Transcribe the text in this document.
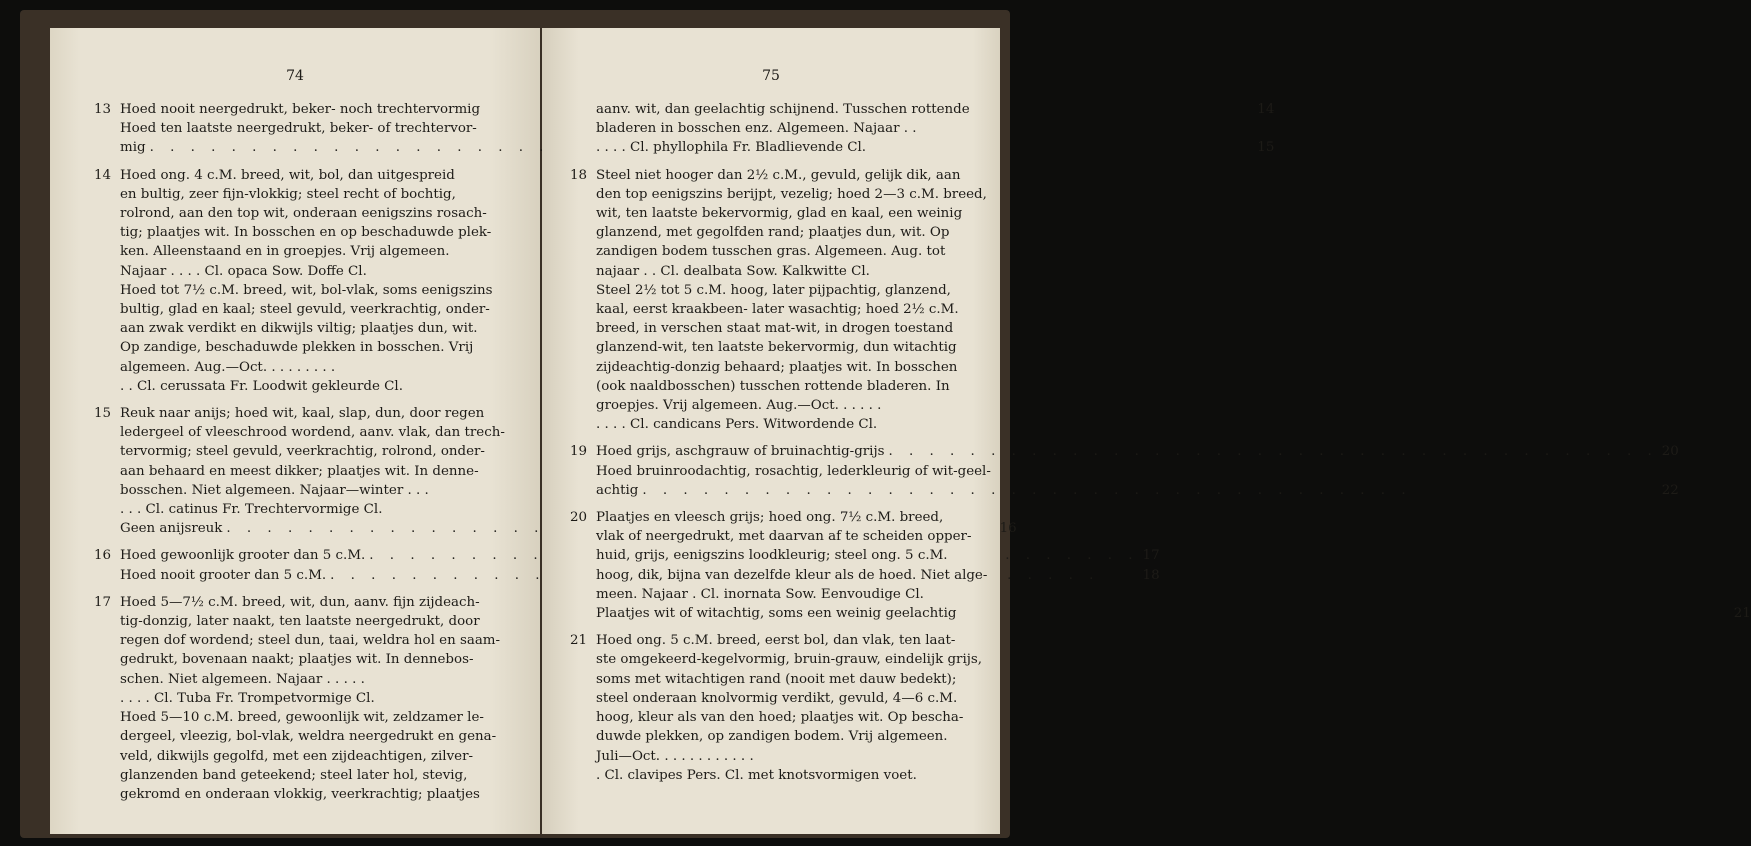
74
13 Hoed nooit neergedrukt, beker- noch trechtervormig	14
Hoed ten laatste neergedrukt, beker- of trechtervor-
mig . . .	15
14 Hoed ong. 4 c.M. breed, wit, bol, dan uitgespreid
en bultig, zeer fijn-vlokkig; steel recht of bochtig,
rolrond, aan den top wit, onderaan eenigszins rosach-
tig; plaatjes wit. In bosschen en op beschaduwde plek-
ken. Alleenstaand en in groepjes. Vrij algemeen.
Najaar . . . . Cl. opaca Sow. Doffe Cl.
Hoed tot 7½ c.M. breed, wit, bol-vlak, soms eenigszins
bultig, glad en kaal; steel gevuld, veerkrachtig, onder-
aan zwak verdikt en dikwijls viltig; plaatjes dun, wit.
Op zandige, beschaduwde plekken in bosschen. Vrij
algemeen. Aug.—Oct. . . . . . . . .
. . Cl. cerussata Fr. Loodwit gekleurde Cl.
15 Reuk naar anijs; hoed wit, kaal, slap, dun, door regen
ledergeel of vleeschrood wordend, aanv. vlak, dan trech-
tervormig; steel gevuld, veerkrachtig, rolrond, onder-
aan behaard en meest dikker; plaatjes wit. In denne-
bosschen. Niet algemeen. Najaar—winter . . .
. . . Cl. catinus Fr. Trechtervormige Cl.
Geen anijsreuk . . .	16
16 Hoed gewoonlijk grooter dan 5 c.M. . . .	17
Hoed nooit grooter dan 5 c.M. . . .	18
17 Hoed 5—7½ c.M. breed, wit, dun, aanv. fijn zijdeach-
tig-donzig, later naakt, ten laatste neergedrukt, door
regen dof wordend; steel dun, taai, weldra hol en saam-
gedrukt, bovenaan naakt; plaatjes wit. In dennebos-
schen. Niet algemeen. Najaar . . . . .
. . . . Cl. Tuba Fr. Trompetvormige Cl.
Hoed 5—10 c.M. breed, gewoonlijk wit, zeldzamer le-
dergeel, vleezig, bol-vlak, weldra neergedrukt en gena-
veld, dikwijls gegolfd, met een zijdeachtigen, zilver-
glanzenden band geteekend; steel later hol, stevig,
gekromd en onderaan vlokkig, veerkrachtig; plaatjes
75
aanv. wit, dan geelachtig schijnend. Tusschen rottende
bladeren in bosschen enz. Algemeen. Najaar . .
. . . . Cl. phyllophila Fr. Bladlievende Cl.
18 Steel niet hooger dan 2½ c.M., gevuld, gelijk dik, aan
den top eenigszins berijpt, vezelig; hoed 2—3 c.M. breed,
wit, ten laatste bekervormig, glad en kaal, een weinig
glanzend, met gegolfden rand; plaatjes dun, wit. Op
zandigen bodem tusschen gras. Algemeen. Aug. tot
najaar . . Cl. dealbata Sow. Kalkwitte Cl.
Steel 2½ tot 5 c.M. hoog, later pijpachtig, glanzend,
kaal, eerst kraakbeen- later wasachtig; hoed 2½ c.M.
breed, in verschen staat mat-wit, in drogen toestand
glanzend-wit, ten laatste bekervormig, dun witachtig
zijdeachtig-donzig behaard; plaatjes wit. In bosschen
(ook naaldbosschen) tusschen rottende bladeren. In
groepjes. Vrij algemeen. Aug.—Oct. . . . . .
. . . . Cl. candicans Pers. Witwordende Cl.
19 Hoed grijs, aschgrauw of bruinachtig-grijs . . .	20
Hoed bruinroodachtig, rosachtig, lederkleurig of wit-geel-
achtig . . .	22
20 Plaatjes en vleesch grijs; hoed ong. 7½ c.M. breed,
vlak of neergedrukt, met daarvan af te scheiden opper-
huid, grijs, eenigszins loodkleurig; steel ong. 5 c.M.
hoog, dik, bijna van dezelfde kleur als de hoed. Niet alge-
meen. Najaar . Cl. inornata Sow. Eenvoudige Cl.
Plaatjes wit of witachtig, soms een weinig geelachtig	21
21 Hoed ong. 5 c.M. breed, eerst bol, dan vlak, ten laat-
ste omgekeerd-kegelvormig, bruin-grauw, eindelijk grijs,
soms met witachtigen rand (nooit met dauw bedekt);
steel onderaan knolvormig verdikt, gevuld, 4—6 c.M.
hoog, kleur als van den hoed; plaatjes wit. Op bescha-
duwde plekken, op zandigen bodem. Vrij algemeen.
Juli—Oct. . . . . . . . . . . .
. Cl. clavipes Pers. Cl. met knotsvormigen voet.
